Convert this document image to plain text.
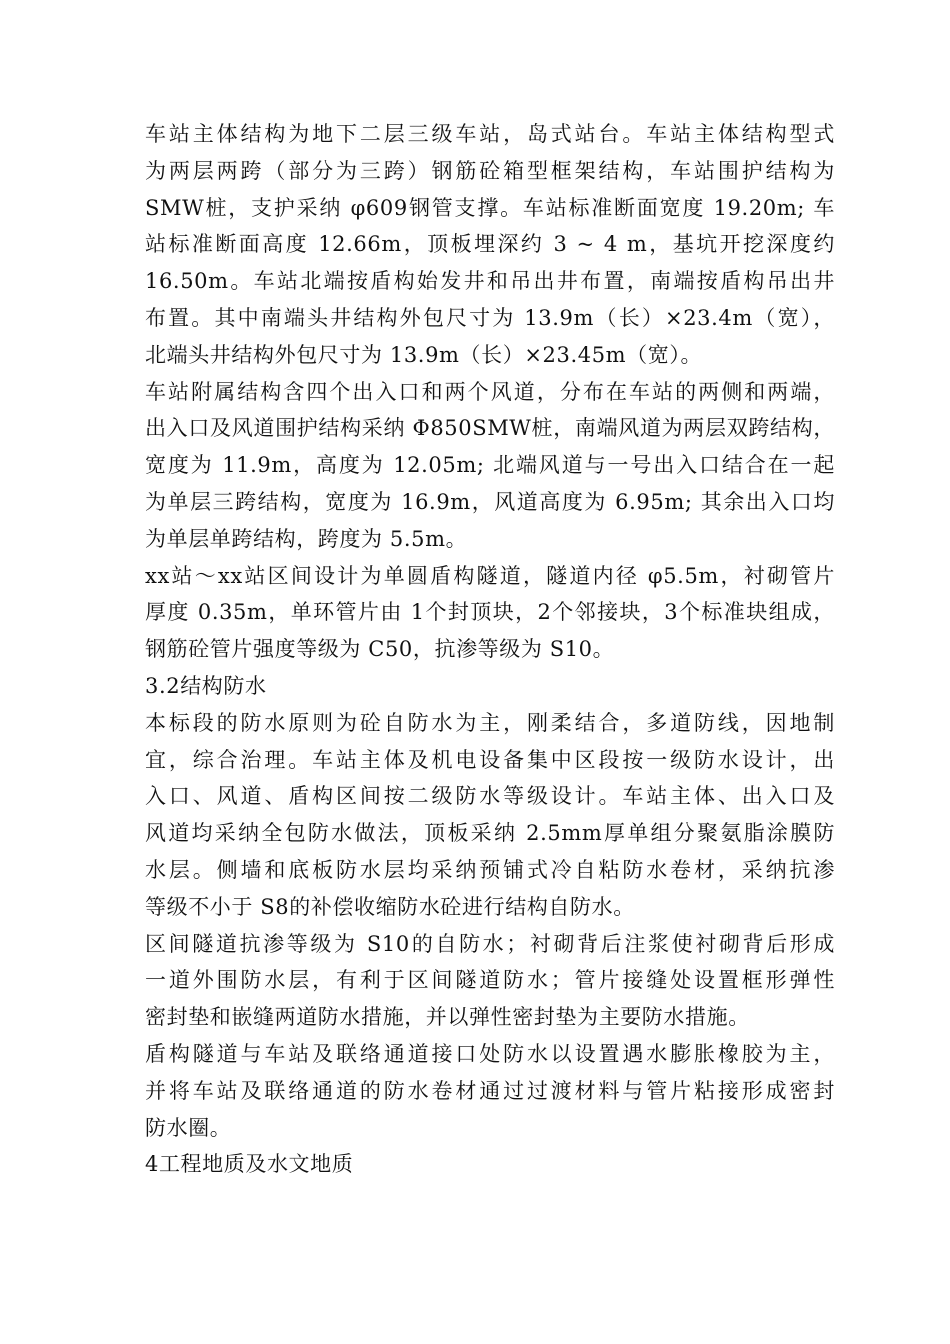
车站主体结构为地下二层三级车站，岛式站台。车站主体结构型式
为两层两跨（部分为三跨）钢筋砼箱型框架结构，车站围护结构为
SMW桩，支护采纳 φ609钢管支撑。车站标准断面宽度 19.20m; 车
站标准断面高度 12.66m，顶板埋深约 3 ~ 4 m，基坑开挖深度约
16.50m。车站北端按盾构始发井和吊出井布置，南端按盾构吊出井
布置。其中南端头井结构外包尺寸为 13.9m（长）×23.4m（宽），
北端头井结构外包尺寸为 13.9m（长）×23.45m（宽）。
车站附属结构含四个出入口和两个风道，分布在车站的两侧和两端，
出入口及风道围护结构采纳 Φ850SMW桩，南端风道为两层双跨结构，
宽度为 11.9m，高度为 12.05m; 北端风道与一号出入口结合在一起
为单层三跨结构，宽度为 16.9m，风道高度为 6.95m; 其余出入口均
为单层单跨结构，跨度为 5.5m。
xx站～xx站区间设计为单圆盾构隧道，隧道内径 φ5.5m，衬砌管片
厚度 0.35m，单环管片由 1个封顶块，2个邻接块，3个标准块组成，
钢筋砼管片强度等级为 C50，抗渗等级为 S10。
3.2结构防水
本标段的防水原则为砼自防水为主，刚柔结合，多道防线，因地制
宜，综合治理。车站主体及机电设备集中区段按一级防水设计，出
入口、风道、盾构区间按二级防水等级设计。车站主体、出入口及
风道均采纳全包防水做法，顶板采纳 2.5mm厚单组分聚氨脂涂膜防
水层。侧墙和底板防水层均采纳预铺式冷自粘防水卷材，采纳抗渗
等级不小于 S8的补偿收缩防水砼进行结构自防水。
区间隧道抗渗等级为 S10的自防水；衬砌背后注浆使衬砌背后形成
一道外围防水层，有利于区间隧道防水；管片接缝处设置框形弹性
密封垫和嵌缝两道防水措施，并以弹性密封垫为主要防水措施。
盾构隧道与车站及联络通道接口处防水以设置遇水膨胀橡胶为主，
并将车站及联络通道的防水卷材通过过渡材料与管片粘接形成密封
防水圈。
4工程地质及水文地质
